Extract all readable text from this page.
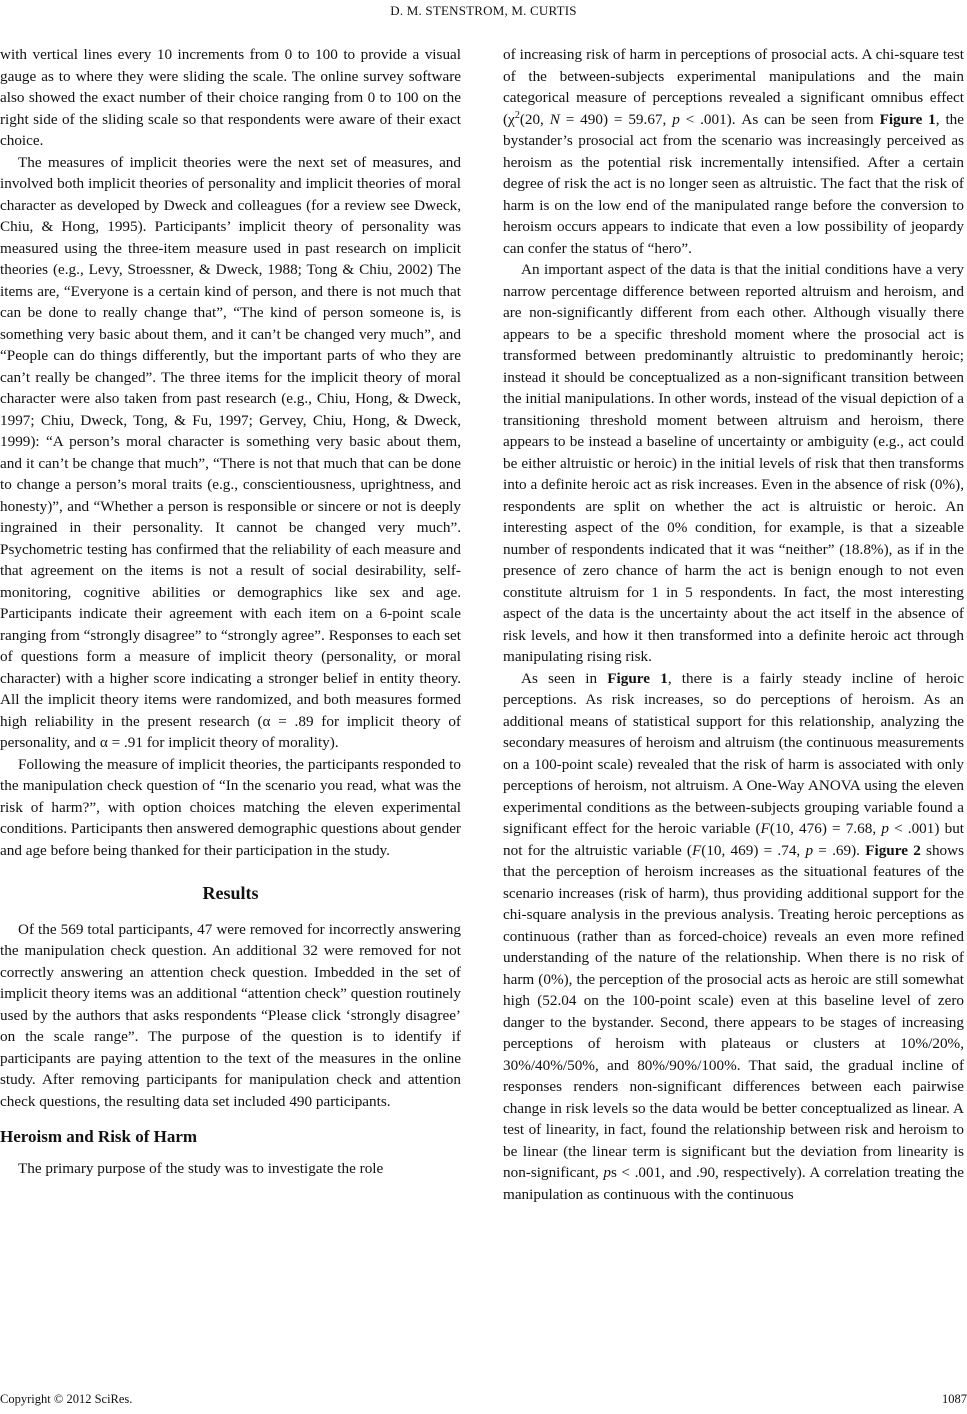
D. M. STENSTROM, M. CURTIS

with vertical lines every 10 increments from 0 to 100 to provide a visual gauge as to where they were sliding the scale. The online survey software also showed the exact number of their choice ranging from 0 to 100 on the right side of the sliding scale so that respondents were aware of their exact choice.

The measures of implicit theories were the next set of measures, and involved both implicit theories of personality and implicit theories of moral character as developed by Dweck and colleagues (for a review see Dweck, Chiu, & Hong, 1995). Participants’ implicit theory of personality was measured using the three-item measure used in past research on implicit theories (e.g., Levy, Stroessner, & Dweck, 1988; Tong & Chiu, 2002) The items are, “Everyone is a certain kind of person, and there is not much that can be done to really change that”, “The kind of person someone is, is something very basic about them, and it can’t be changed very much”, and “People can do things differently, but the important parts of who they are can’t really be changed”. The three items for the implicit theory of moral character were also taken from past research (e.g., Chiu, Hong, & Dweck, 1997; Chiu, Dweck, Tong, & Fu, 1997; Gervey, Chiu, Hong, & Dweck, 1999): “A person’s moral character is something very basic about them, and it can’t be change that much”, “There is not that much that can be done to change a person’s moral traits (e.g., conscientiousness, uprightness, and honesty)”, and “Whether a person is responsible or sincere or not is deeply ingrained in their personality. It cannot be changed very much”. Psychometric testing has confirmed that the reliability of each measure and that agreement on the items is not a result of social desirability, self-monitoring, cognitive abilities or demographics like sex and age. Participants indicate their agreement with each item on a 6-point scale ranging from “strongly disagree” to “strongly agree”. Responses to each set of questions form a measure of implicit theory (personality, or moral character) with a higher score indicating a stronger belief in entity theory. All the implicit theory items were randomized, and both measures formed high reliability in the present research (α = .89 for implicit theory of personality, and α = .91 for implicit theory of morality).

Following the measure of implicit theories, the participants responded to the manipulation check question of “In the scenario you read, what was the risk of harm?”, with option choices matching the eleven experimental conditions. Participants then answered demographic questions about gender and age before being thanked for their participation in the study.

Results

Of the 569 total participants, 47 were removed for incorrectly answering the manipulation check question. An additional 32 were removed for not correctly answering an attention check question. Imbedded in the set of implicit theory items was an additional “attention check” question routinely used by the authors that asks respondents “Please click ‘strongly disagree’ on the scale range”. The purpose of the question is to identify if participants are paying attention to the text of the measures in the online study. After removing participants for manipulation check and attention check questions, the resulting data set included 490 participants.

Heroism and Risk of Harm

The primary purpose of the study was to investigate the role

of increasing risk of harm in perceptions of prosocial acts. A chi-square test of the between-subjects experimental manipulations and the main categorical measure of perceptions revealed a significant omnibus effect ($\chi^2(20$, N = 490) = 59.67, p < .001). As can be seen from Figure 1, the bystander’s prosocial act from the scenario was increasingly perceived as heroism as the potential risk incrementally intensified. After a certain degree of risk the act is no longer seen as altruistic. The fact that the risk of harm is on the low end of the manipulated range before the conversion to heroism occurs appears to indicate that even a low possibility of jeopardy can confer the status of “hero”.

An important aspect of the data is that the initial conditions have a very narrow percentage difference between reported altruism and heroism, and are non-significantly different from each other. Although visually there appears to be a specific threshold moment where the prosocial act is transformed between predominantly altruistic to predominantly heroic; instead it should be conceptualized as a non-significant transition between the initial manipulations. In other words, instead of the visual depiction of a transitioning threshold moment between altruism and heroism, there appears to be instead a baseline of uncertainty or ambiguity (e.g., act could be either altruistic or heroic) in the initial levels of risk that then transforms into a definite heroic act as risk increases. Even in the absence of risk (0%), respondents are split on whether the act is altruistic or heroic. An interesting aspect of the 0% condition, for example, is that a sizeable number of respondents indicated that it was “neither” (18.8%), as if in the presence of zero chance of harm the act is benign enough to not even constitute altruism for 1 in 5 respondents. In fact, the most interesting aspect of the data is the uncertainty about the act itself in the absence of risk levels, and how it then transformed into a definite heroic act through manipulating rising risk.

As seen in Figure 1, there is a fairly steady incline of heroic perceptions. As risk increases, so do perceptions of heroism. As an additional means of statistical support for this relationship, analyzing the secondary measures of heroism and altruism (the continuous measurements on a 100-point scale) revealed that the risk of harm is associated with only perceptions of heroism, not altruism. A One-Way ANOVA using the eleven experimental conditions as the between-subjects grouping variable found a significant effect for the heroic variable (F(10, 476) = 7.68, p < .001) but not for the altruistic variable (F(10, 469) = .74, p = .69). Figure 2 shows that the perception of heroism increases as the situational features of the scenario increases (risk of harm), thus providing additional support for the chi-square analysis in the previous analysis. Treating heroic perceptions as continuous (rather than as forced-choice) reveals an even more refined understanding of the nature of the relationship. When there is no risk of harm (0%), the perception of the prosocial acts as heroic are still somewhat high (52.04 on the 100-point scale) even at this baseline level of zero danger to the bystander. Second, there appears to be stages of increasing perceptions of heroism with plateaus or clusters at 10%/20%, 30%/40%/50%, and 80%/90%/100%. That said, the gradual incline of responses renders non-significant differences between each pairwise change in risk levels so the data would be better conceptualized as linear. A test of linearity, in fact, found the relationship between risk and heroism to be linear (the linear term is significant but the deviation from linearity is non-significant, ps < .001, and .90, respectively). A correlation treating the manipulation as continuous with the continuous

Copyright © 2012 SciRes.	1087
